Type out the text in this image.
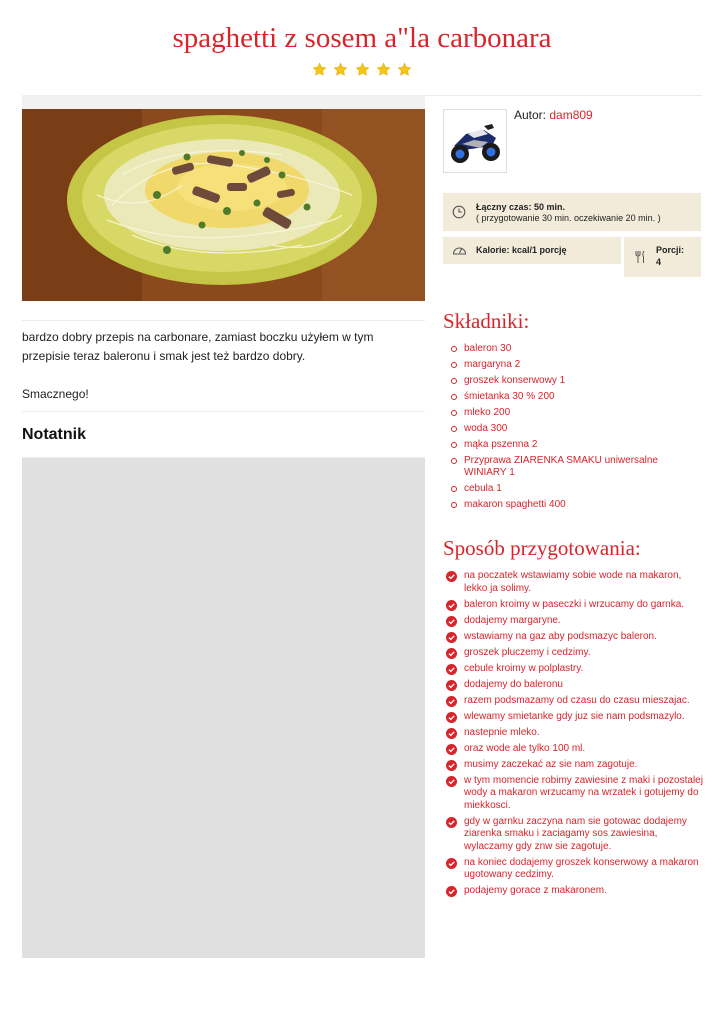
spaghetti z sosem a"la carbonara

bardzo dobry przepis na carbonare, zamiast boczku użyłem w tym przepisie teraz baleronu i smak jest też bardzo dobry.

Smacznego!

Notatnik
Autor: dam809
Łączny czas: 50 min.
( przygotowanie 30 min. oczekiwanie 20 min. )
Kalorie: kcal/1 porcję	Porcji:
4
Składniki:
baleron 30
margaryna 2
groszek konserwowy 1
śmietanka 30 % 200
mleko 200
woda 300
mąka pszenna 2
Przyprawa ZIARENKA SMAKU uniwersalne WINIARY 1
cebula 1
makaron spaghetti 400
Sposób przygotowania:
na poczatek wstawiamy sobie wode na makaron, lekko ja solimy.
baleron kroimy w paseczki i wrzucamy do garnka.
dodajemy margaryne.
wstawiamy na gaz aby podsmazyc baleron.
groszek pluczemy i cedzimy.
cebule kroimy w polplastry.
dodajemy do baleronu
razem podsmazamy od czasu do czasu mieszajac.
wlewamy smietanke gdy juz sie nam podsmazylo.
nastepnie mleko.
oraz wode ale tylko 100 ml.
musimy zaczekać az sie nam zagotuje.
w tym momencie robimy zawiesine z maki i pozostalej wody a makaron wrzucamy na wrzatek i gotujemy do miekkosci.
gdy w garnku zaczyna nam sie gotowac dodajemy ziarenka smaku i zaciagamy sos zawiesina, wylaczamy gdy znw sie zagotuje.
na koniec dodajemy groszek konserwowy a makaron ugotowany cedzimy.
podajemy gorace z makaronem.
